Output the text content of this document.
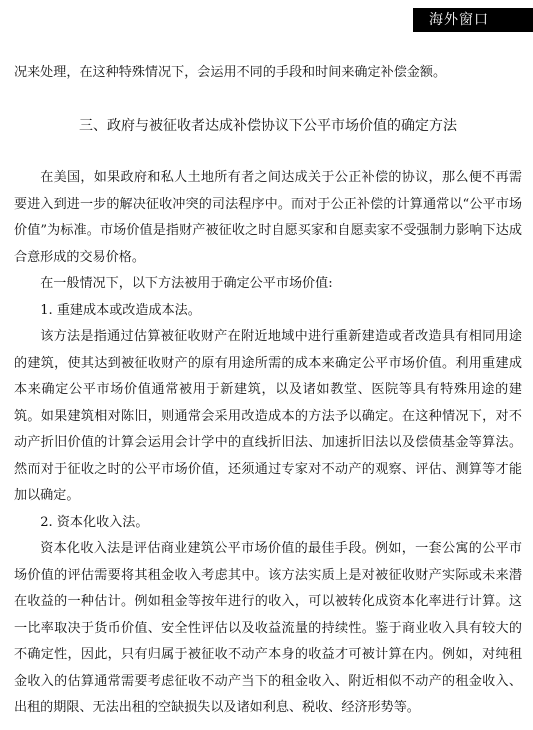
海外窗口

况来处理，在这种特殊情况下，会运用不同的手段和时间来确定补偿金额。

三、政府与被征收者达成补偿协议下公平市场价值的确定方法

在美国，如果政府和私人土地所有者之间达成关于公正补偿的协议，那么便不再需要进入到进一步的解决征收冲突的司法程序中。而对于公正补偿的计算通常以“公平市场价值”为标准。市场价值是指财产被征收之时自愿买家和自愿卖家不受强制力影响下达成合意形成的交易价格。

在一般情况下，以下方法被用于确定公平市场价值:

1. 重建成本或改造成本法。

该方法是指通过估算被征收财产在附近地域中进行重新建造或者改造具有相同用途的建筑，使其达到被征收财产的原有用途所需的成本来确定公平市场价值。利用重建成本来确定公平市场价值通常被用于新建筑，以及诸如教堂、医院等具有特殊用途的建筑。如果建筑相对陈旧，则通常会采用改造成本的方法予以确定。在这种情况下，对不动产折旧价值的计算会运用会计学中的直线折旧法、加速折旧法以及偿债基金等算法。然而对于征收之时的公平市场价值，还须通过专家对不动产的观察、评估、测算等才能加以确定。

2. 资本化收入法。

资本化收入法是评估商业建筑公平市场价值的最佳手段。例如，一套公寓的公平市场价值的评估需要将其租金收入考虑其中。该方法实质上是对被征收财产实际或未来潜在收益的一种估计。例如租金等按年进行的收入，可以被转化成资本化率进行计算。这一比率取决于货币价值、安全性评估以及收益流量的持续性。鉴于商业收入具有较大的不确定性，因此，只有归属于被征收不动产本身的收益才可被计算在内。例如，对纯租金收入的估算通常需要考虑征收不动产当下的租金收入、附近相似不动产的租金收入、出租的期限、无法出租的空缺损失以及诸如利息、税收、经济形势等。
